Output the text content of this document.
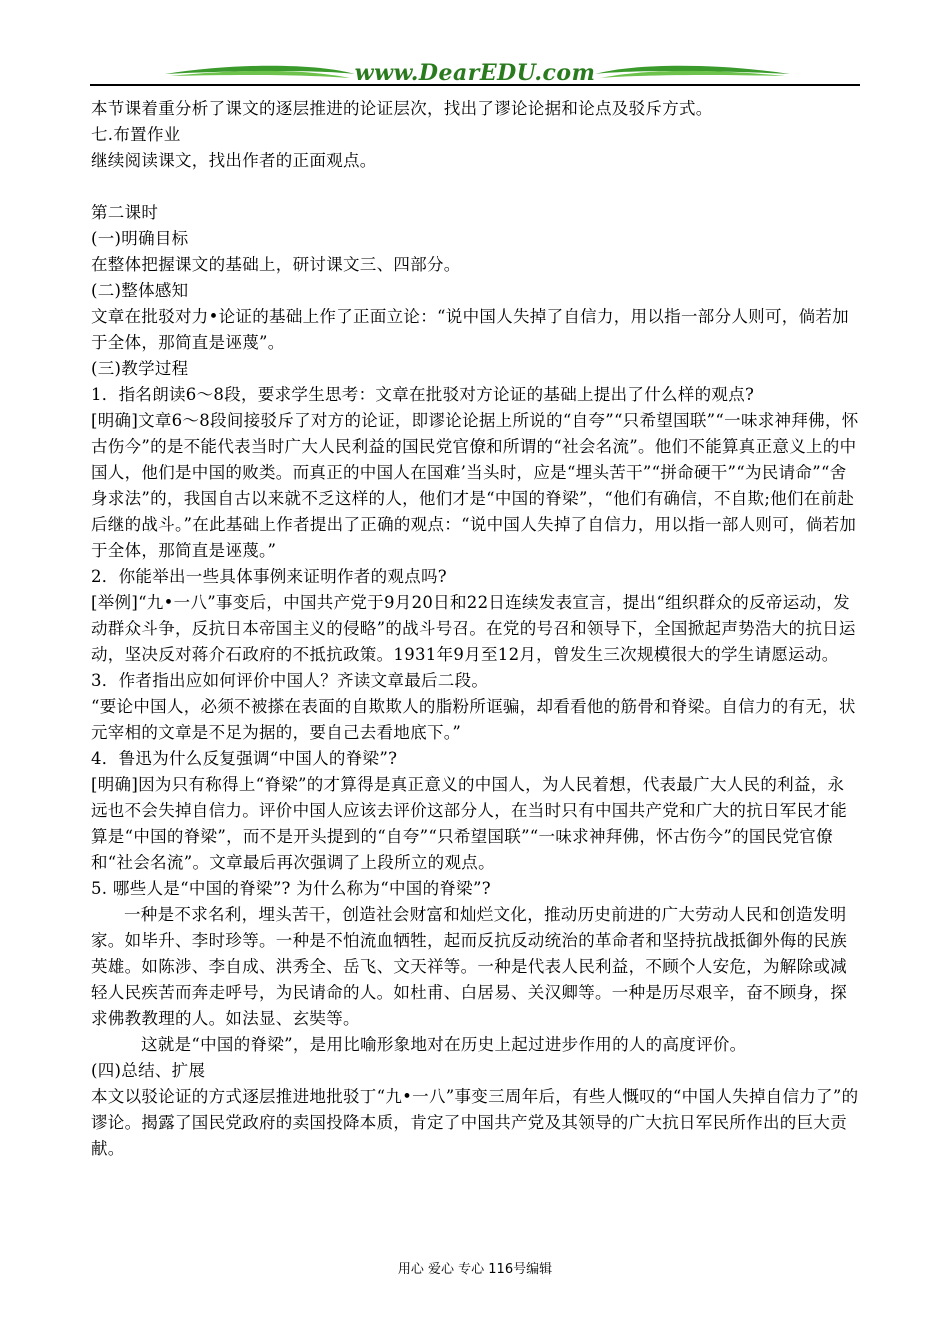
www.DearEDU.com

本节课着重分析了课文的逐层推进的论证层次，找出了谬论论据和论点及驳斥方式。

七.布置作业

继续阅读课文，找出作者的正面观点。

第二课时

(一)明确目标

在整体把握课文的基础上，研讨课文三、四部分。

(二)整体感知

文章在批驳对力•论证的基础上作了正面立论：“说中国人失掉了自信力，用以指一部分人则可，倘若加于全体，那简直是诬蔑”。

(三)教学过程

1．指名朗读6～8段，要求学生思考：文章在批驳对方论证的基础上提出了什么样的观点?

[明确]文章6～8段间接驳斥了对方的论证，即谬论论据上所说的“自夸”“只希望国联”“一味求神拜佛，怀古伤今”的是不能代表当时广大人民利益的国民党官僚和所谓的“社会名流”。他们不能算真正意义上的中国人，他们是中国的败类。而真正的中国人在国难’当头时，应是“埋头苦干”“拼命硬干”“为民请命”“舍身求法”的，我国自古以来就不乏这样的人，他们才是“中国的脊梁”，“他们有确信，不自欺;他们在前赴后继的战斗。”在此基础上作者提出了正确的观点：“说中国人失掉了自信力，用以指一部人则可，倘若加于全体，那简直是诬蔑。”

2．你能举出一些具体事例来证明作者的观点吗?

[举例]“九•一八”事变后，中国共产党于9月20日和22日连续发表宣言，提出“组织群众的反帝运动，发动群众斗争，反抗日本帝国主义的侵略”的战斗号召。在党的号召和领导下，全国掀起声势浩大的抗日运动，坚决反对蒋介石政府的不抵抗政策。1931年9月至12月，曾发生三次规模很大的学生请愿运动。

3．作者指出应如何评价中国人？齐读文章最后二段。

“要论中国人，必须不被搽在表面的自欺欺人的脂粉所诓骗，却看看他的筋骨和脊梁。自信力的有无，状元宰相的文章是不足为据的，要自己去看地底下。”

4．鲁迅为什么反复强调“中国人的脊梁”?

[明确]因为只有称得上“脊梁”的才算得是真正意义的中国人，为人民着想，代表最广大人民的利益，永远也不会失掉自信力。评价中国人应该去评价这部分人，在当时只有中国共产党和广大的抗日军民才能算是“中国的脊梁”，而不是开头提到的“自夸”“只希望国联”“一味求神拜佛，怀古伤今”的国民党官僚和“社会名流”。文章最后再次强调了上段所立的观点。

5. 哪些人是“中国的脊梁”? 为什么称为“中国的脊梁”?

一种是不求名利，埋头苦干，创造社会财富和灿烂文化，推动历史前进的广大劳动人民和创造发明家。如毕升、李时珍等。一种是不怕流血牺牲，起而反抗反动统治的革命者和坚持抗战抵御外侮的民族英雄。如陈涉、李自成、洪秀全、岳飞、文天祥等。一种是代表人民利益，不顾个人安危，为解除或减轻人民疾苦而奔走呼号，为民请命的人。如杜甫、白居易、关汉卿等。一种是历尽艰辛，奋不顾身，探求佛教教理的人。如法显、玄奘等。

这就是“中国的脊梁”，是用比喻形象地对在历史上起过进步作用的人的高度评价。

(四)总结、扩展

本文以驳论证的方式逐层推进地批驳丁“九•一八”事变三周年后，有些人慨叹的“中国人失掉自信力了”的谬论。揭露了国民党政府的卖国投降本质，肯定了中国共产党及其领导的广大抗日军民所作出的巨大贡献。

用心 爱心 专心 116号编辑
